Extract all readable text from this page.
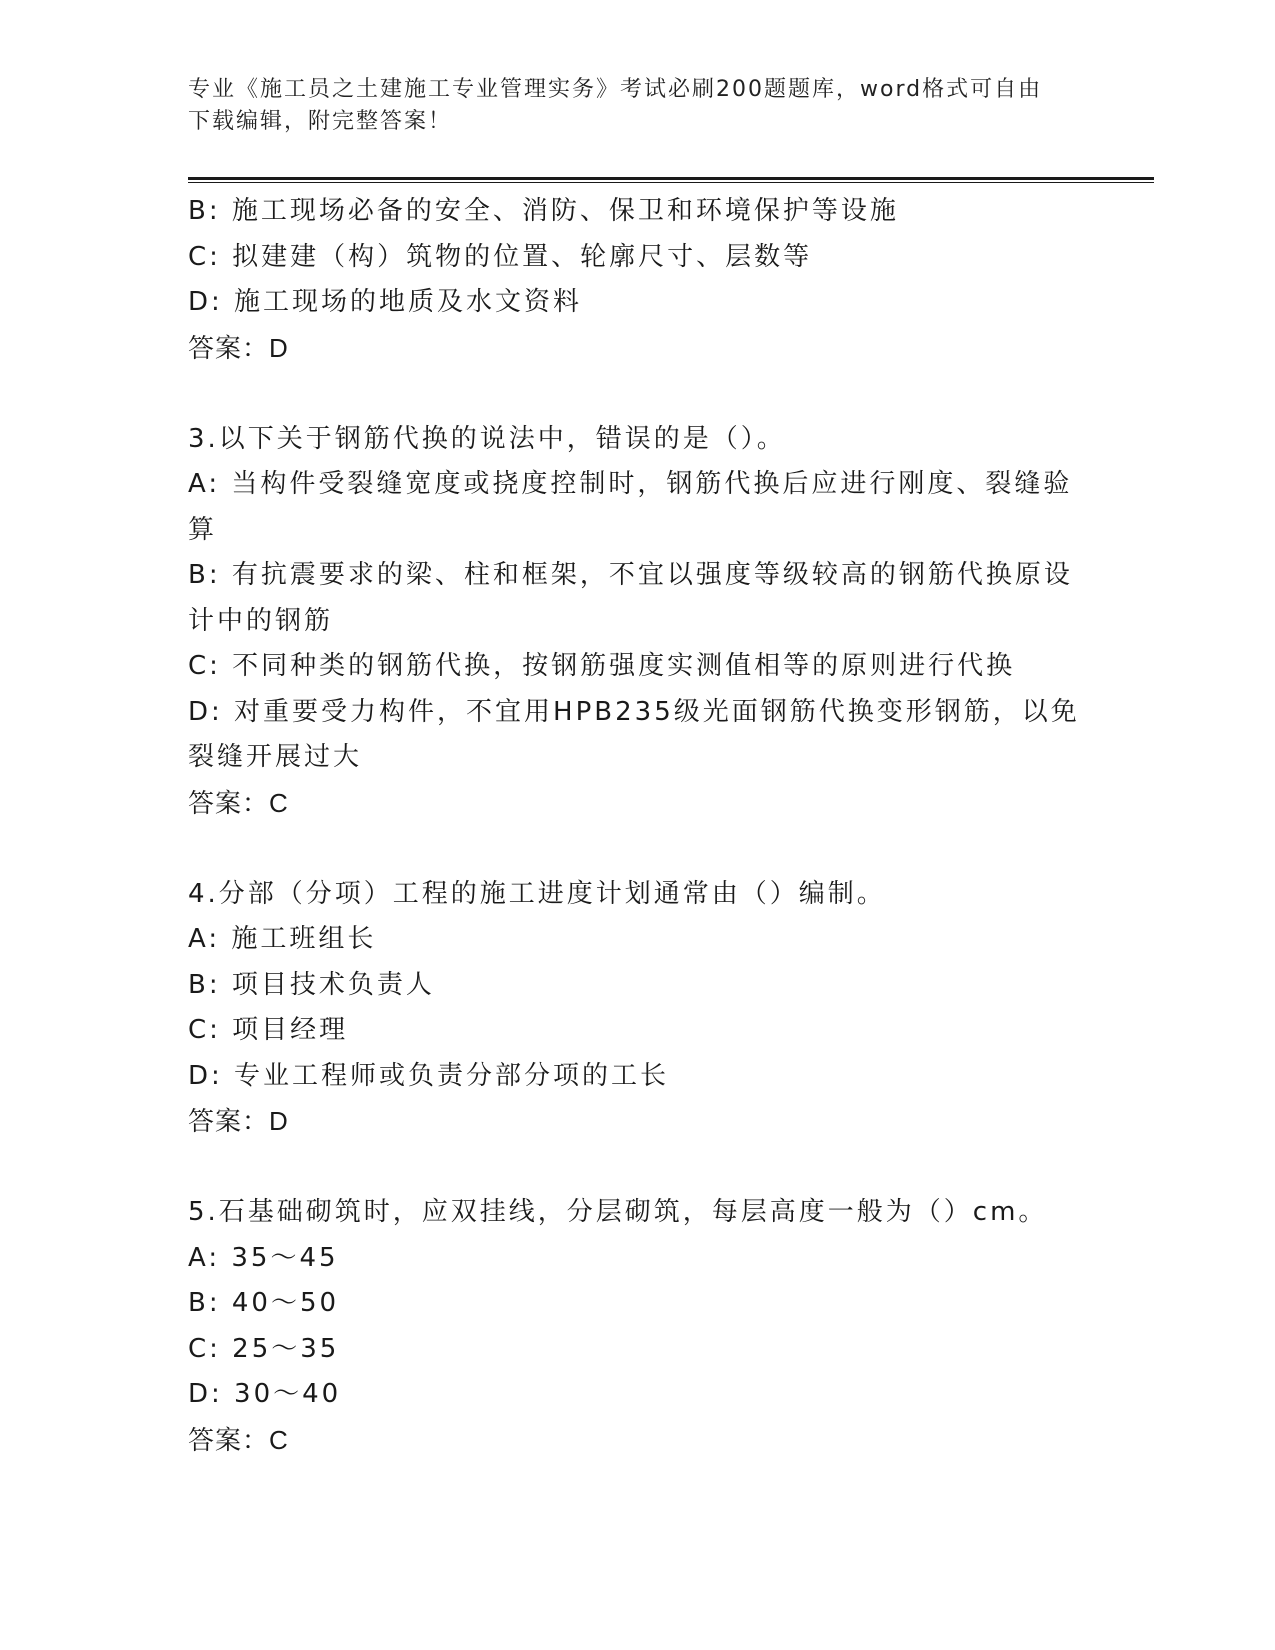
专业《施工员之土建施工专业管理实务》考试必刷200题题库，word格式可自由
下载编辑，附完整答案！
B: 施工现场必备的安全、消防、保卫和环境保护等设施
C: 拟建建（构）筑物的位置、轮廓尺寸、层数等
D: 施工现场的地质及水文资料
答案：D
3.以下关于钢筋代换的说法中，错误的是（）。
A: 当构件受裂缝宽度或挠度控制时，钢筋代换后应进行刚度、裂缝验
算
B: 有抗震要求的梁、柱和框架，不宜以强度等级较高的钢筋代换原设
计中的钢筋
C: 不同种类的钢筋代换，按钢筋强度实测值相等的原则进行代换
D: 对重要受力构件，不宜用HPB235级光面钢筋代换变形钢筋，以免
裂缝开展过大
答案：C
4.分部（分项）工程的施工进度计划通常由（）编制。
A: 施工班组长
B: 项目技术负责人
C: 项目经理
D: 专业工程师或负责分部分项的工长
答案：D
5.石基础砌筑时，应双挂线，分层砌筑，每层高度一般为（）cm。
A: 35～45
B: 40～50
C: 25～35
D: 30～40
答案：C
